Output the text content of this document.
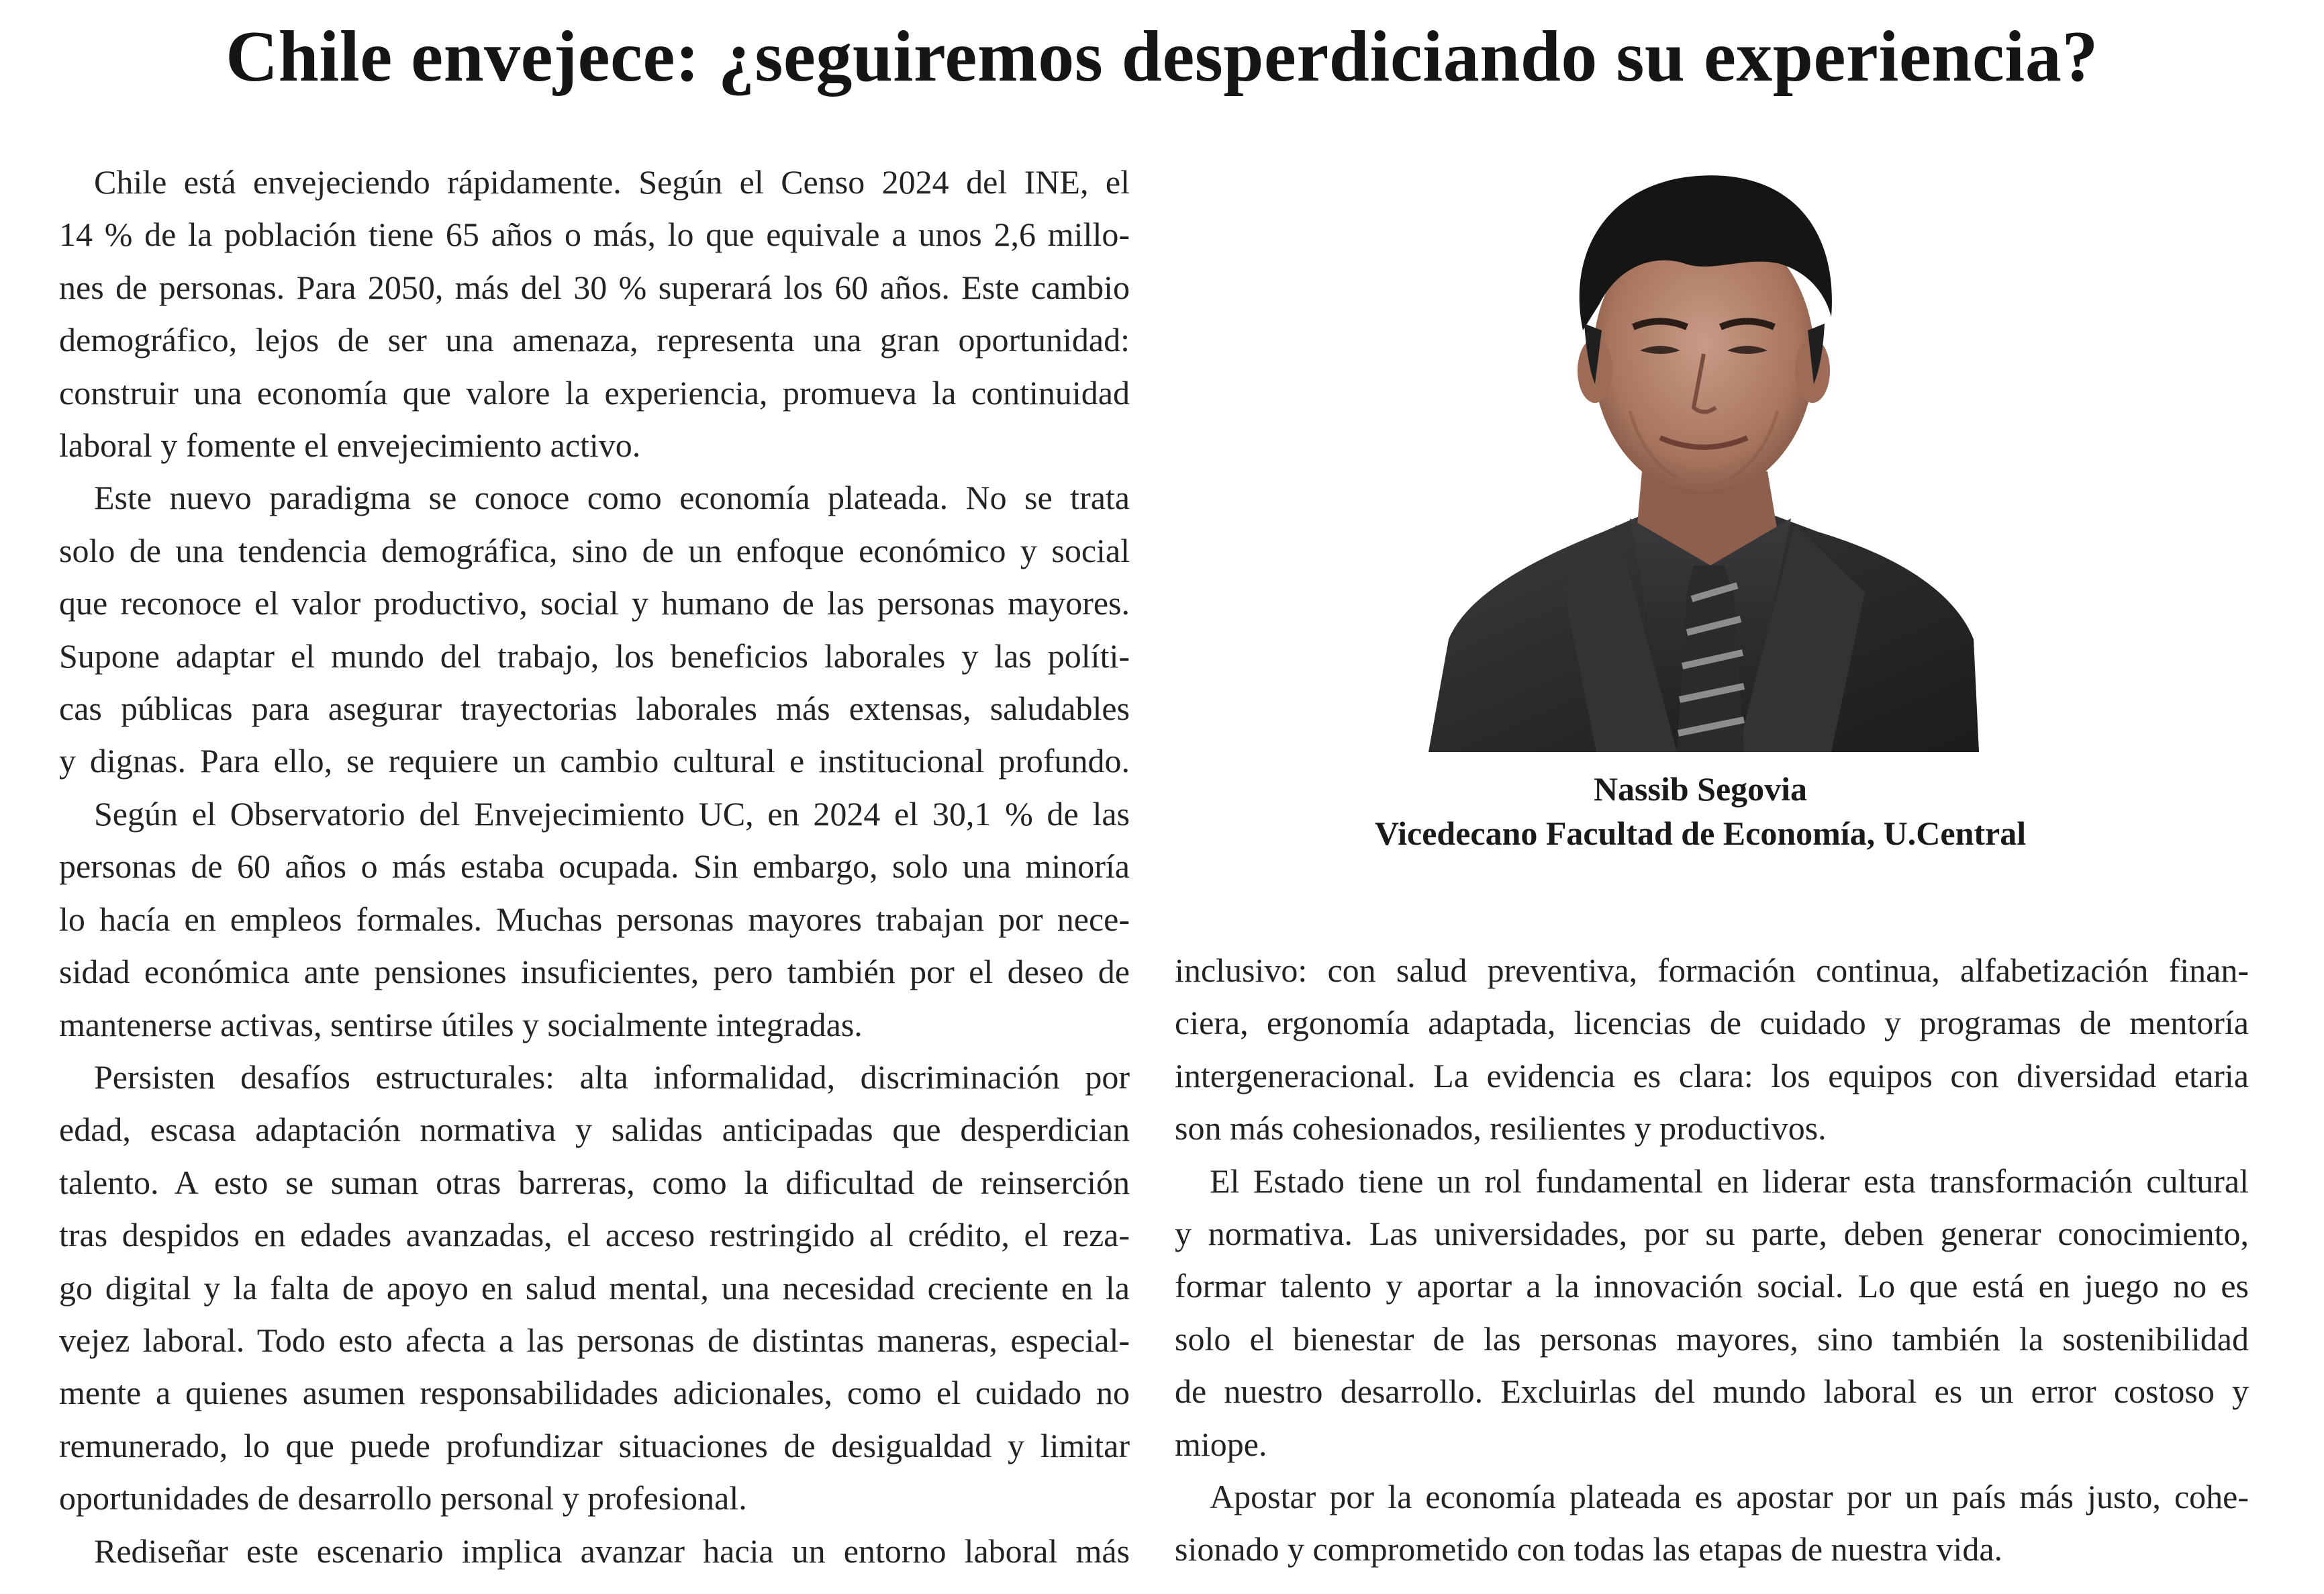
Chile envejece: ¿seguiremos desperdiciando su experiencia?

Chile está envejeciendo rápidamente. Según el Censo 2024 del INE, el

14 % de la población tiene 65 años o más, lo que equivale a unos 2,6 millo-

nes de personas. Para 2050, más del 30 % superará los 60 años. Este cambio

demográfico, lejos de ser una amenaza, representa una gran oportunidad:

construir una economía que valore la experiencia, promueva la continuidad

laboral y fomente el envejecimiento activo.

Este nuevo paradigma se conoce como economía plateada. No se trata

solo de una tendencia demográfica, sino de un enfoque económico y social

que reconoce el valor productivo, social y humano de las personas mayores.

Supone adaptar el mundo del trabajo, los beneficios laborales y las políti-

cas públicas para asegurar trayectorias laborales más extensas, saludables

y dignas. Para ello, se requiere un cambio cultural e institucional profundo.

Según el Observatorio del Envejecimiento UC, en 2024 el 30,1 % de las

personas de 60 años o más estaba ocupada. Sin embargo, solo una minoría

lo hacía en empleos formales. Muchas personas mayores trabajan por nece-

sidad económica ante pensiones insuficientes, pero también por el deseo de

mantenerse activas, sentirse útiles y socialmente integradas.

Persisten desafíos estructurales: alta informalidad, discriminación por

edad, escasa adaptación normativa y salidas anticipadas que desperdician

talento. A esto se suman otras barreras, como la dificultad de reinserción

tras despidos en edades avanzadas, el acceso restringido al crédito, el reza-

go digital y la falta de apoyo en salud mental, una necesidad creciente en la

vejez laboral. Todo esto afecta a las personas de distintas maneras, especial-

mente a quienes asumen responsabilidades adicionales, como el cuidado no

remunerado, lo que puede profundizar situaciones de desigualdad y limitar

oportunidades de desarrollo personal y profesional.

Rediseñar este escenario implica avanzar hacia un entorno laboral más

Nassib Segovia
Vicedecano Facultad de Economía, U.Central

inclusivo: con salud preventiva, formación continua, alfabetización finan-

ciera, ergonomía adaptada, licencias de cuidado y programas de mentoría

intergeneracional. La evidencia es clara: los equipos con diversidad etaria

son más cohesionados, resilientes y productivos.

El Estado tiene un rol fundamental en liderar esta transformación cultural

y normativa. Las universidades, por su parte, deben generar conocimiento,

formar talento y aportar a la innovación social. Lo que está en juego no es

solo el bienestar de las personas mayores, sino también la sostenibilidad

de nuestro desarrollo. Excluirlas del mundo laboral es un error costoso y

miope.

Apostar por la economía plateada es apostar por un país más justo, cohe-

sionado y comprometido con todas las etapas de nuestra vida.
